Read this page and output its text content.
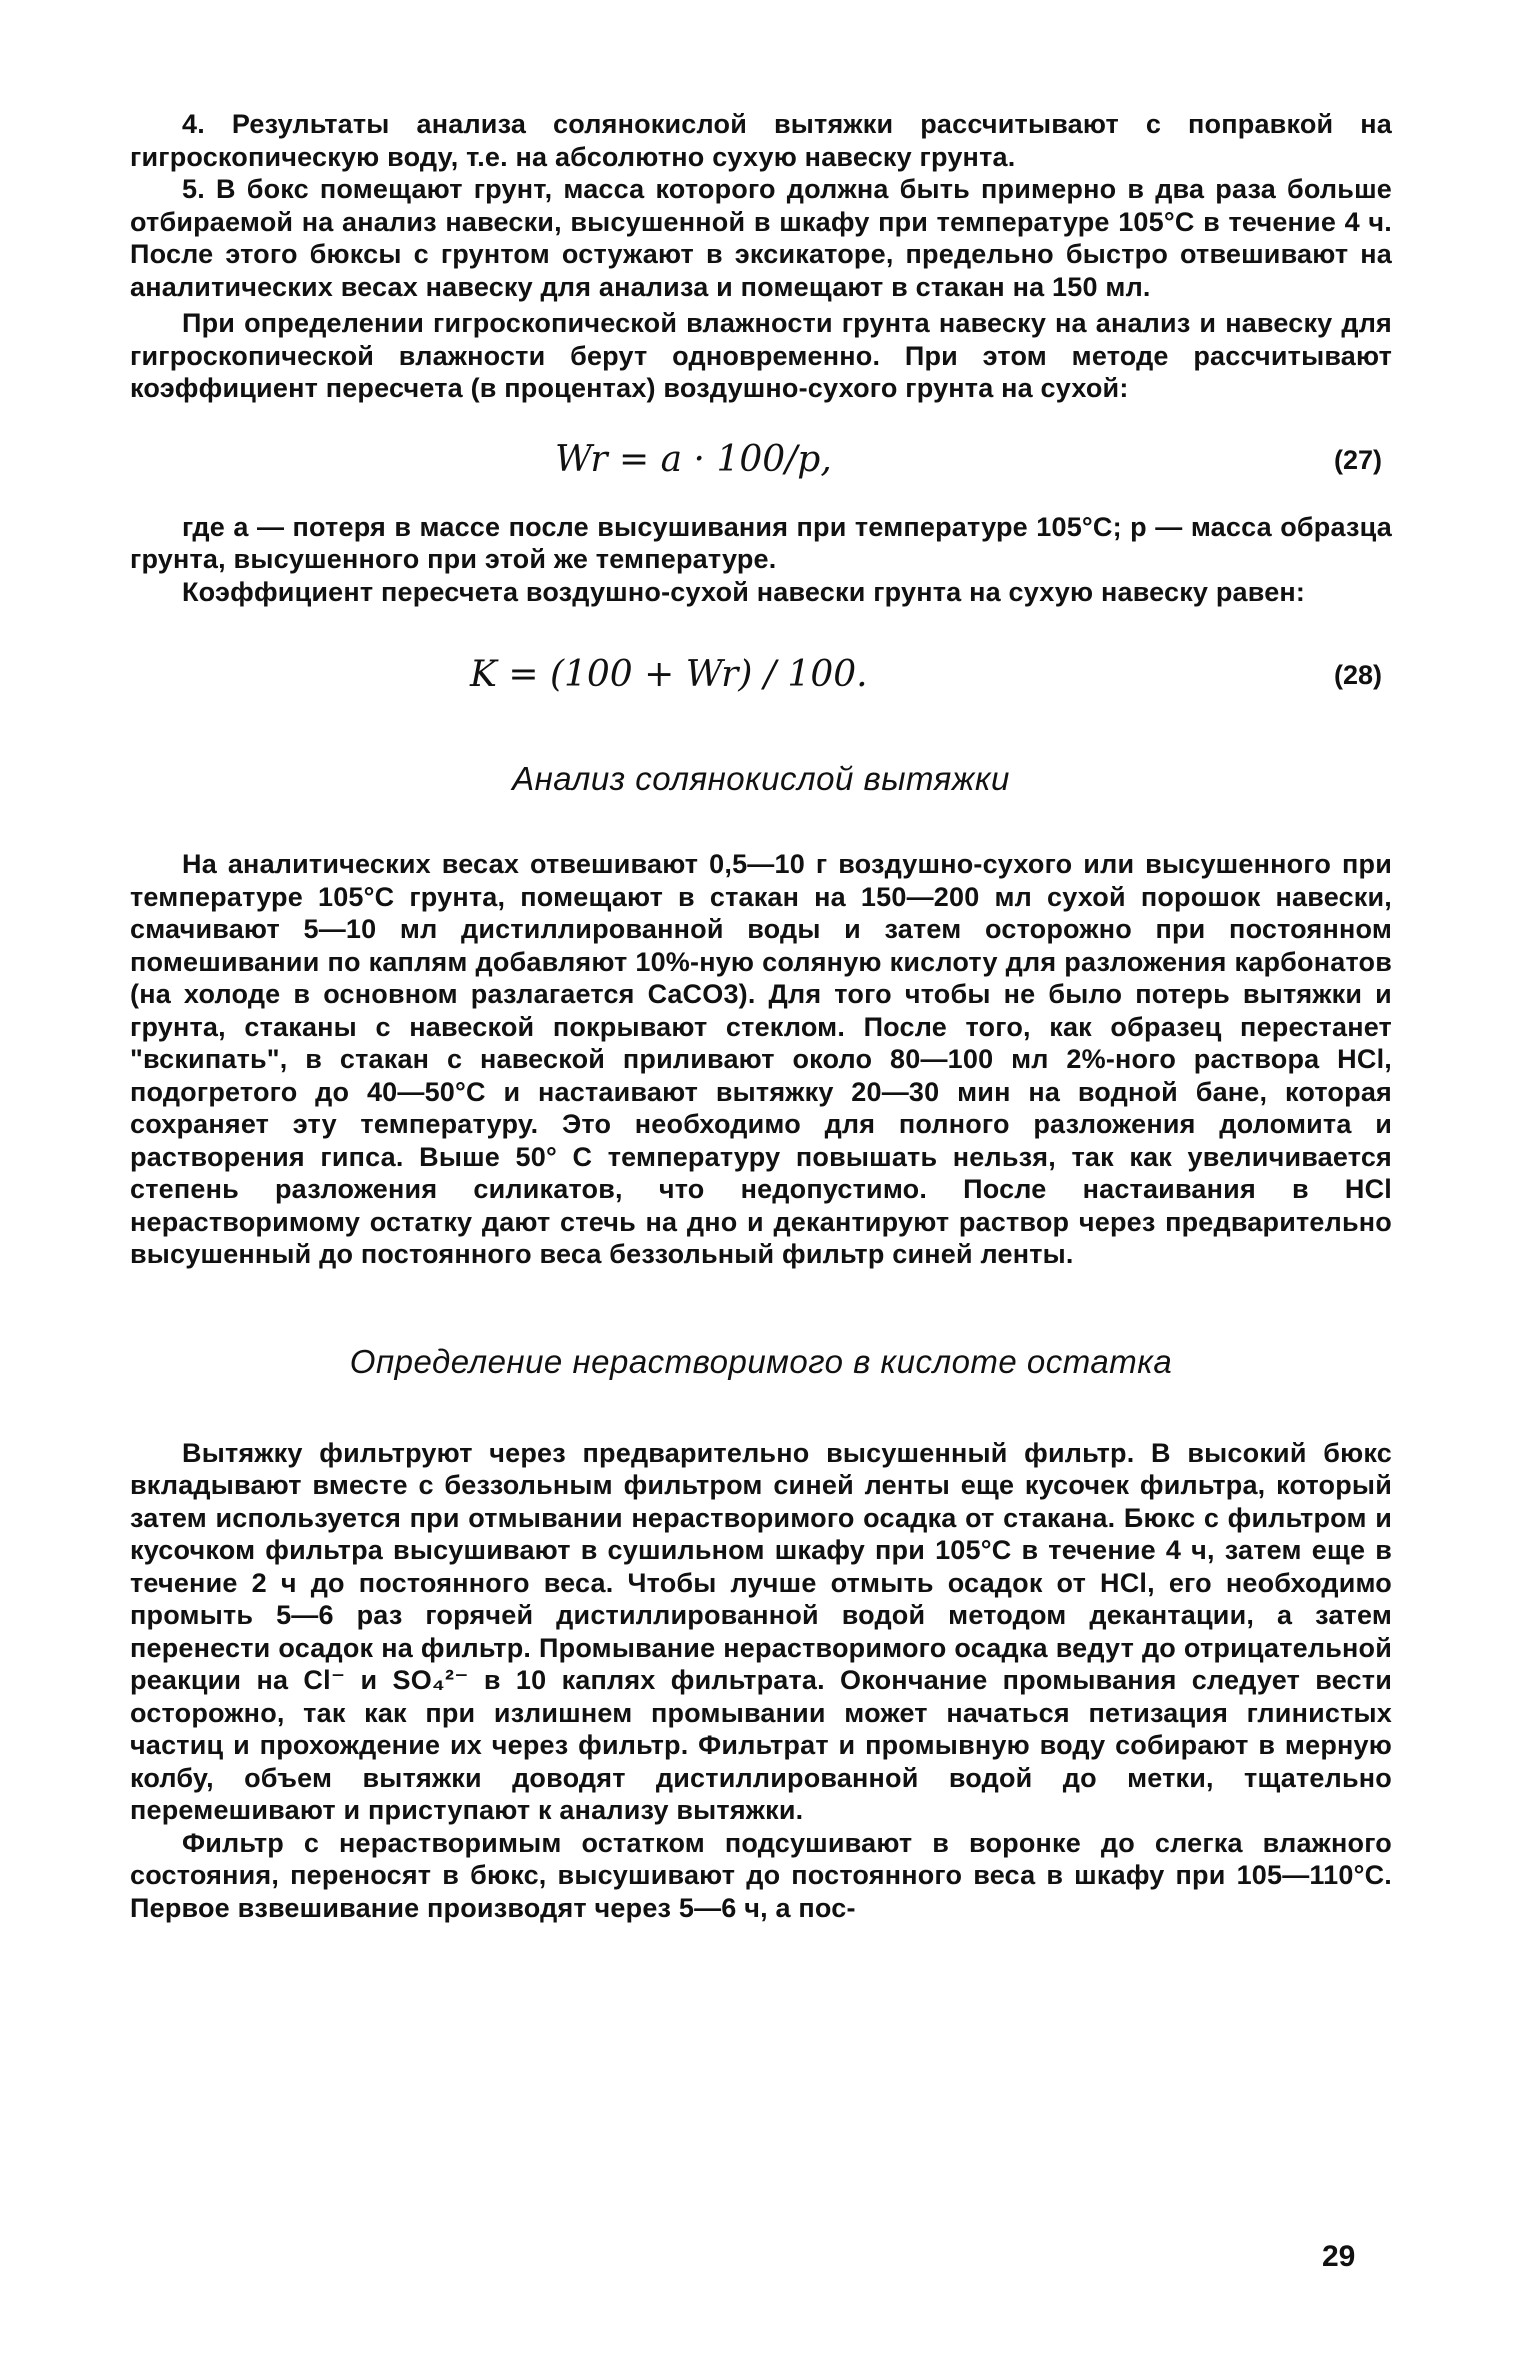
4. Результаты анализа солянокислой вытяжки рассчитывают с поправкой на гигроскопическую воду, т.е. на абсолютно сухую навеску грунта.

5. В бокс помещают грунт, масса которого должна быть примерно в два раза больше отбираемой на анализ навески, высушенной в шкафу при температуре 105°С в течение 4 ч. После этого бюксы с грунтом остужают в эксикаторе, предельно быстро отвешивают на аналитических весах навеску для анализа и помещают в стакан на 150 мл.

При определении гигроскопической влажности грунта навеску на анализ и навеску для гигроскопической влажности берут одновременно. При этом методе рассчитывают коэффициент пересчета (в процентах) воздушно-сухого грунта на сухой:

Wr = a · 100/p,	(27)

где a — потеря в массе после высушивания при температуре 105°С; p — масса образца грунта, высушенного при этой же температуре.

Коэффициент пересчета воздушно-сухой навески грунта на сухую навеску равен:

K = (100 + Wr) / 100.	(28)
Анализ солянокислой вытяжки

На аналитических весах отвешивают 0,5—10 г воздушно-сухого или высушенного при температуре 105°С грунта, помещают в стакан на 150—200 мл сухой порошок навески, смачивают 5—10 мл дистиллированной воды и затем осторожно при постоянном помешивании по каплям добавляют 10%-ную соляную кислоту для разложения карбонатов (на холоде в основном разлагается CaCO3). Для того чтобы не было потерь вытяжки и грунта, стаканы с навеской покрывают стеклом. После того, как образец перестанет "вскипать", в стакан с навеской приливают около 80—100 мл 2%-ного раствора HCl, подогретого до 40—50°С и настаивают вытяжку 20—30 мин на водной бане, которая сохраняет эту температуру. Это необходимо для полного разложения доломита и растворения гипса. Выше 50° С температуру повышать нельзя, так как увеличивается степень разложения силикатов, что недопустимо. После настаивания в HCl нерастворимому остатку дают стечь на дно и декантируют раствор через предварительно высушенный до постоянного веса беззольный фильтр синей ленты.

Определение нерастворимого в кислоте остатка

Вытяжку фильтруют через предварительно высушенный фильтр. В высокий бюкс вкладывают вместе с беззольным фильтром синей ленты еще кусочек фильтра, который затем используется при отмывании нерастворимого осадка от стакана. Бюкс с фильтром и кусочком фильтра высушивают в сушильном шкафу при 105°С в течение 4 ч, затем еще в течение 2 ч до постоянного веса. Чтобы лучше отмыть осадок от HCl, его необходимо промыть 5—6 раз горячей дистиллированной водой методом декантации, а затем перенести осадок на фильтр. Промывание нерастворимого осадка ведут до отрицательной реакции на Cl⁻ и SO₄²⁻ в 10 каплях фильтрата. Окончание промывания следует вести осторожно, так как при излишнем промывании может начаться петизация глинистых частиц и прохождение их через фильтр. Фильтрат и промывную воду собирают в мерную колбу, объем вытяжки доводят дистиллированной водой до метки, тщательно перемешивают и приступают к анализу вытяжки.

Фильтр с нерастворимым остатком подсушивают в воронке до слегка влажного состояния, переносят в бюкс, высушивают до постоянного веса в шкафу при 105—110°С. Первое взвешивание производят через 5—6 ч, а пос-

29
